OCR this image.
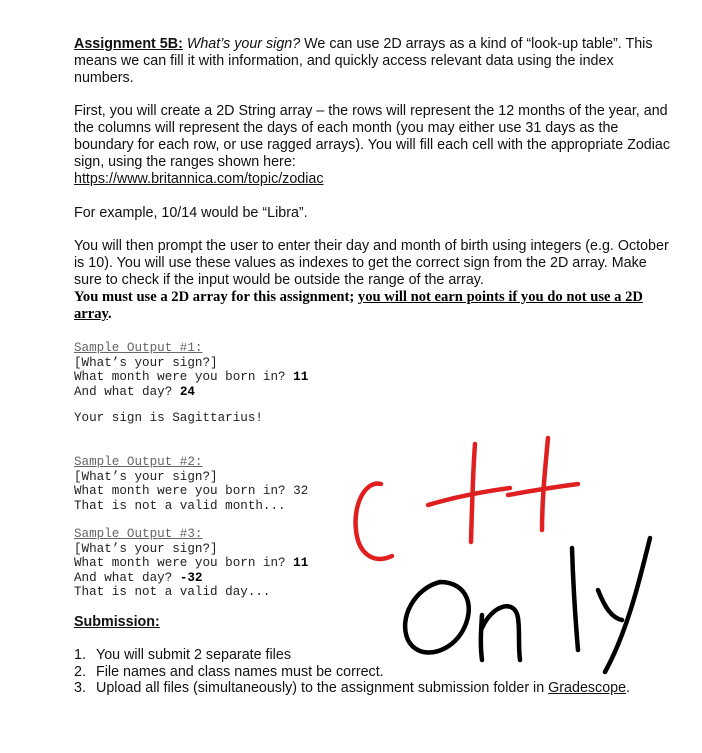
Assignment 5B: What’s your sign? We can use 2D arrays as a kind of “look-up table”. This means we can fill it with information, and quickly access relevant data using the index numbers.
First, you will create a 2D String array – the rows will represent the 12 months of the year, and the columns will represent the days of each month (you may either use 31 days as the boundary for each row, or use ragged arrays). You will fill each cell with the appropriate Zodiac sign, using the ranges shown here:
https://www.britannica.com/topic/zodiac
For example, 10/14 would be “Libra”.
You will then prompt the user to enter their day and month of birth using integers (e.g. October is 10). You will use these values as indexes to get the correct sign from the 2D array. Make sure to check if the input would be outside the range of the array.
You must use a 2D array for this assignment; you will not earn points if you do not use a 2D array.
Sample Output #1:
[What’s your sign?]
What month were you born in? 11
And what day? 24
Your sign is Sagittarius!
Sample Output #2:
[What’s your sign?]
What month were you born in? 32
That is not a valid month...
Sample Output #3:
[What’s your sign?]
What month were you born in? 11
And what day? -32
That is not a valid day...
Submission:
1. You will submit 2 separate files
2. File names and class names must be correct.
3. Upload all files (simultaneously) to the assignment submission folder in Gradescope.
